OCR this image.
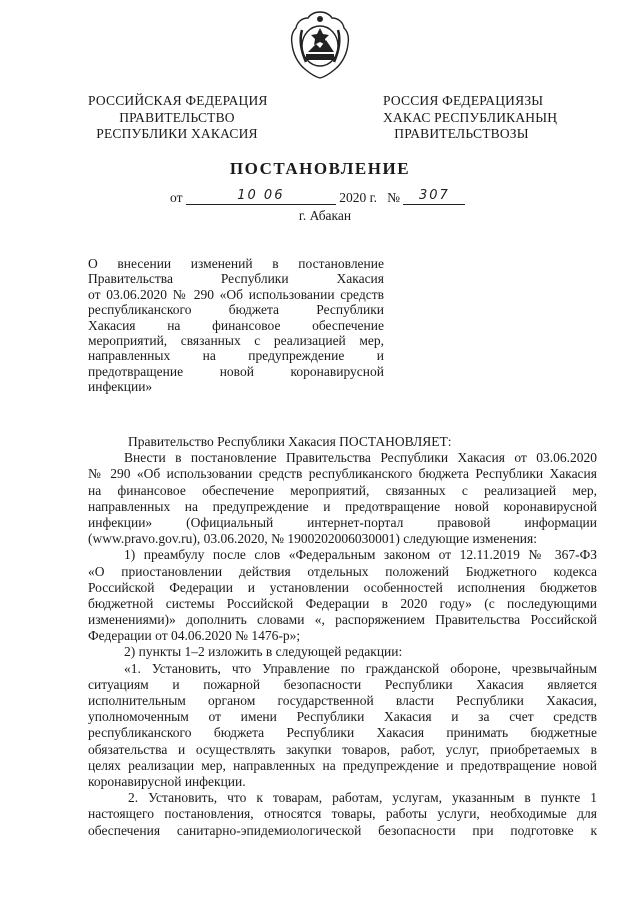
РОССИЙСКАЯ ФЕДЕРАЦИЯ
ПРАВИТЕЛЬСТВО
РЕСПУБЛИКИ ХАКАСИЯ
РОССИЯ ФЕДЕРАЦИЯЗЫ
ХАКАС РЕСПУБЛИКАНЫҢ
ПРАВИТЕЛЬСТВОЗЫ
ПОСТАНОВЛЕНИЕ
от	10 06	2020 г. № 307
г. Абакан
О внесении изменений в постановление
Правительства Республики Хакасия
от 03.06.2020 № 290 «Об использовании средств
республиканского бюджета Республики
Хакасия на финансовое обеспечение
мероприятий, связанных с реализацией мер,
направленных на предупреждение и
предотвращение новой коронавирусной
инфекции»
Правительство Республики Хакасия ПОСТАНОВЛЯЕТ:
Внести в постановление Правительства Республики Хакасия от 03.06.2020
№ 290 «Об использовании средств республиканского бюджета Республики Хакасия
на финансовое обеспечение мероприятий, связанных с реализацией мер,
направленных на предупреждение и предотвращение новой коронавирусной
инфекции» (Официальный интернет-портал правовой информации
(www.pravo.gov.ru), 03.06.2020, № 1900202006030001) следующие изменения:
1) преамбулу после слов «Федеральным законом от 12.11.2019 № 367-ФЗ
«О приостановлении действия отдельных положений Бюджетного кодекса
Российской Федерации и установлении особенностей исполнения бюджетов
бюджетной системы Российской Федерации в 2020 году» (с последующими
изменениями)» дополнить словами «, распоряжением Правительства Российской
Федерации от 04.06.2020 № 1476-р»;
2) пункты 1–2 изложить в следующей редакции:
«1. Установить, что Управление по гражданской обороне, чрезвычайным
ситуациям и пожарной безопасности Республики Хакасия является
исполнительным органом государственной власти Республики Хакасия,
уполномоченным от имени Республики Хакасия и за счет средств
республиканского бюджета Республики Хакасия принимать бюджетные
обязательства и осуществлять закупки товаров, работ, услуг, приобретаемых в
целях реализации мер, направленных на предупреждение и предотвращение новой
коронавирусной инфекции.
2. Установить, что к товарам, работам, услугам, указанным в пункте 1
настоящего постановления, относятся товары, работы услуги, необходимые для
обеспечения санитарно-эпидемиологической безопасности при подготовке к
